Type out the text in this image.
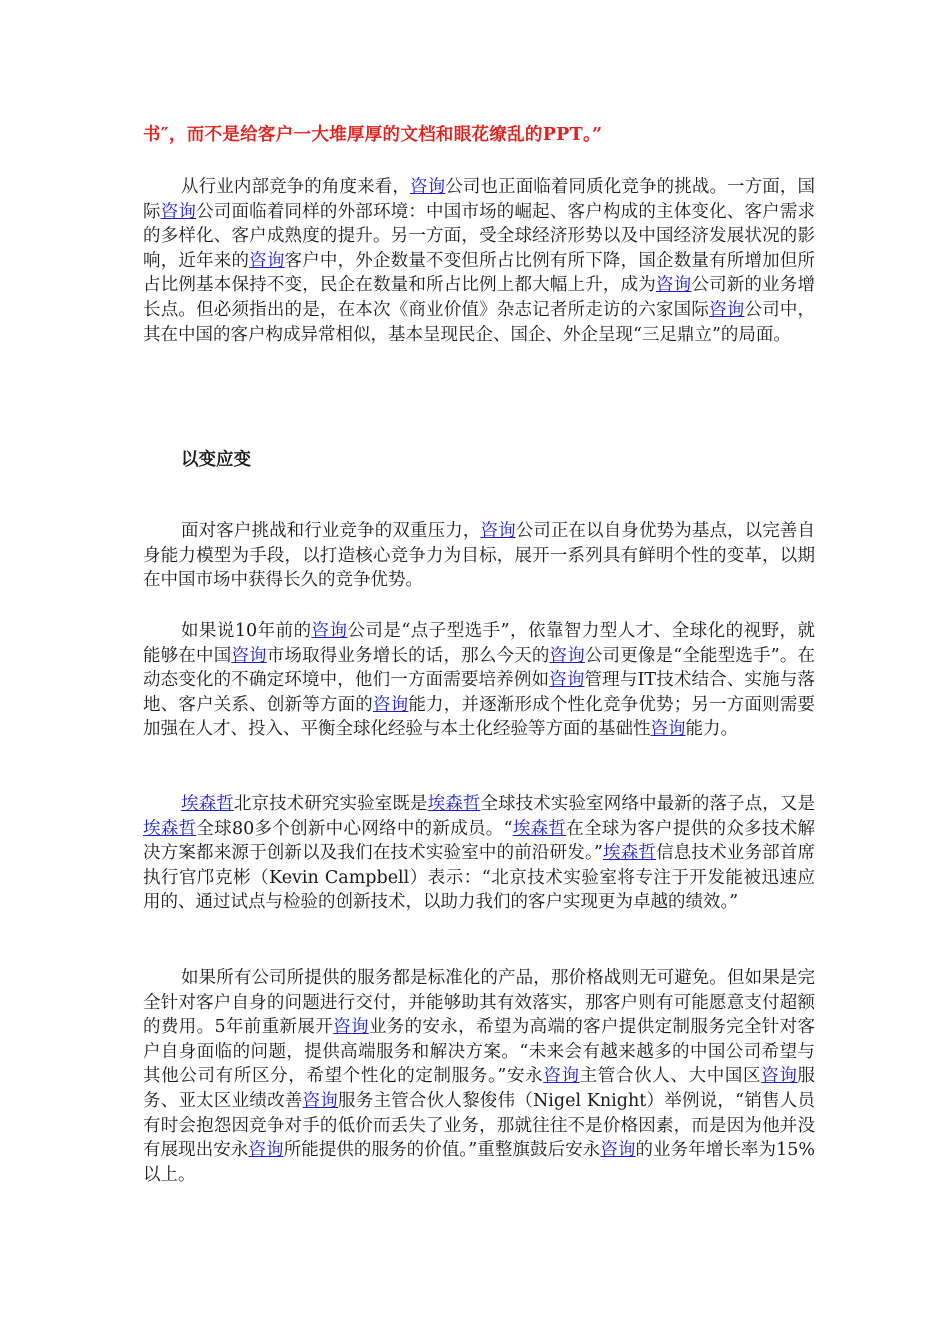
书″，而不是给客户一大堆厚厚的文档和眼花缭乱的PPT。”

从行业内部竞争的角度来看，咨询公司也正面临着同质化竞争的挑战。一方面，国际咨询公司面临着同样的外部环境：中国市场的崛起、客户构成的主体变化、客户需求的多样化、客户成熟度的提升。另一方面，受全球经济形势以及中国经济发展状况的影响，近年来的咨询客户中，外企数量不变但所占比例有所下降，国企数量有所增加但所占比例基本保持不变，民企在数量和所占比例上都大幅上升，成为咨询公司新的业务增长点。但必须指出的是，在本次《商业价值》杂志记者所走访的六家国际咨询公司中，其在中国的客户构成异常相似，基本呈现民企、国企、外企呈现“三足鼎立”的局面。

以变应变

面对客户挑战和行业竞争的双重压力，咨询公司正在以自身优势为基点，以完善自身能力模型为手段，以打造核心竞争力为目标，展开一系列具有鲜明个性的变革，以期在中国市场中获得长久的竞争优势。

如果说10年前的咨询公司是“点子型选手”，依靠智力型人才、全球化的视野，就能够在中国咨询市场取得业务增长的话，那么今天的咨询公司更像是“全能型选手”。在动态变化的不确定环境中，他们一方面需要培养例如咨询管理与IT技术结合、实施与落地、客户关系、创新等方面的咨询能力，并逐渐形成个性化竞争优势；另一方面则需要加强在人才、投入、平衡全球化经验与本土化经验等方面的基础性咨询能力。

埃森哲北京技术研究实验室既是埃森哲全球技术实验室网络中最新的落子点，又是埃森哲全球80多个创新中心网络中的新成员。“埃森哲在全球为客户提供的众多技术解决方案都来源于创新以及我们在技术实验室中的前沿研发。”埃森哲信息技术业务部首席执行官邝克彬（Kevin Campbell）表示：“北京技术实验室将专注于开发能被迅速应用的、通过试点与检验的创新技术，以助力我们的客户实现更为卓越的绩效。”

如果所有公司所提供的服务都是标准化的产品，那价格战则无可避免。但如果是完全针对客户自身的问题进行交付，并能够助其有效落实，那客户则有可能愿意支付超额的费用。5年前重新展开咨询业务的安永，希望为高端的客户提供定制服务完全针对客户自身面临的问题，提供高端服务和解决方案。“未来会有越来越多的中国公司希望与其他公司有所区分，希望个性化的定制服务。”安永咨询主管合伙人、大中国区咨询服务、亚太区业绩改善咨询服务主管合伙人黎俊伟（Nigel Knight）举例说，“销售人员有时会抱怨因竞争对手的低价而丢失了业务，那就往往不是价格因素，而是因为他并没有展现出安永咨询所能提供的服务的价值。”重整旗鼓后安永咨询的业务年增长率为15%以上。
